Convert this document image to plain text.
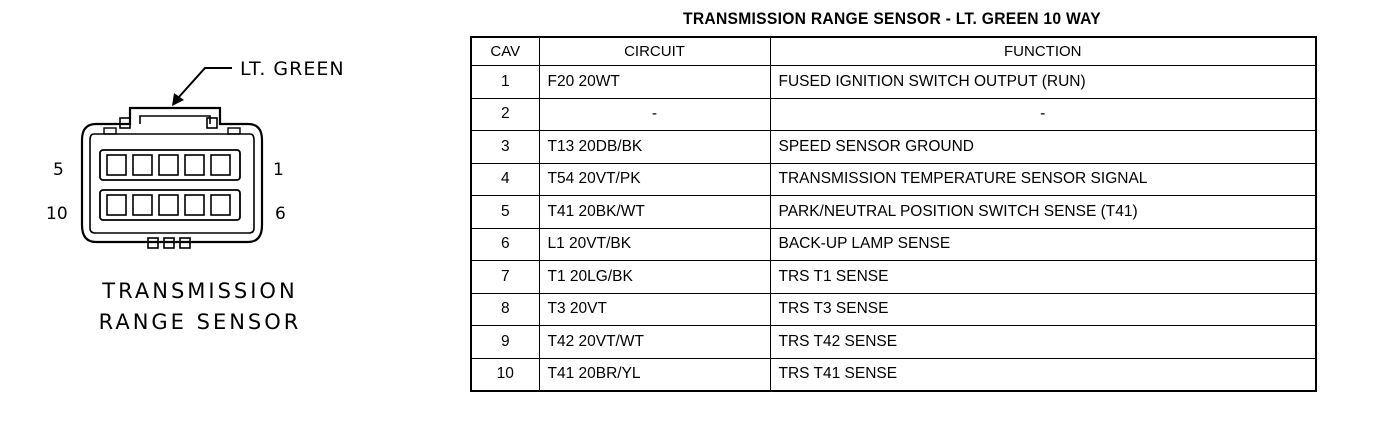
LT. GREEN
5	1
10	6
TRANSMISSION
RANGE SENSOR
TRANSMISSION RANGE SENSOR - LT. GREEN 10 WAY
CAV	CIRCUIT	FUNCTION
1	F20 20WT	FUSED IGNITION SWITCH OUTPUT (RUN)
2	-	-
3	T13 20DB/BK	SPEED SENSOR GROUND
4	T54 20VT/PK	TRANSMISSION TEMPERATURE SENSOR SIGNAL
5	T41 20BK/WT	PARK/NEUTRAL POSITION SWITCH SENSE (T41)
6	L1 20VT/BK	BACK-UP LAMP SENSE
7	T1 20LG/BK	TRS T1 SENSE
8	T3 20VT	TRS T3 SENSE
9	T42 20VT/WT	TRS T42 SENSE
10	T41 20BR/YL	TRS T41 SENSE
